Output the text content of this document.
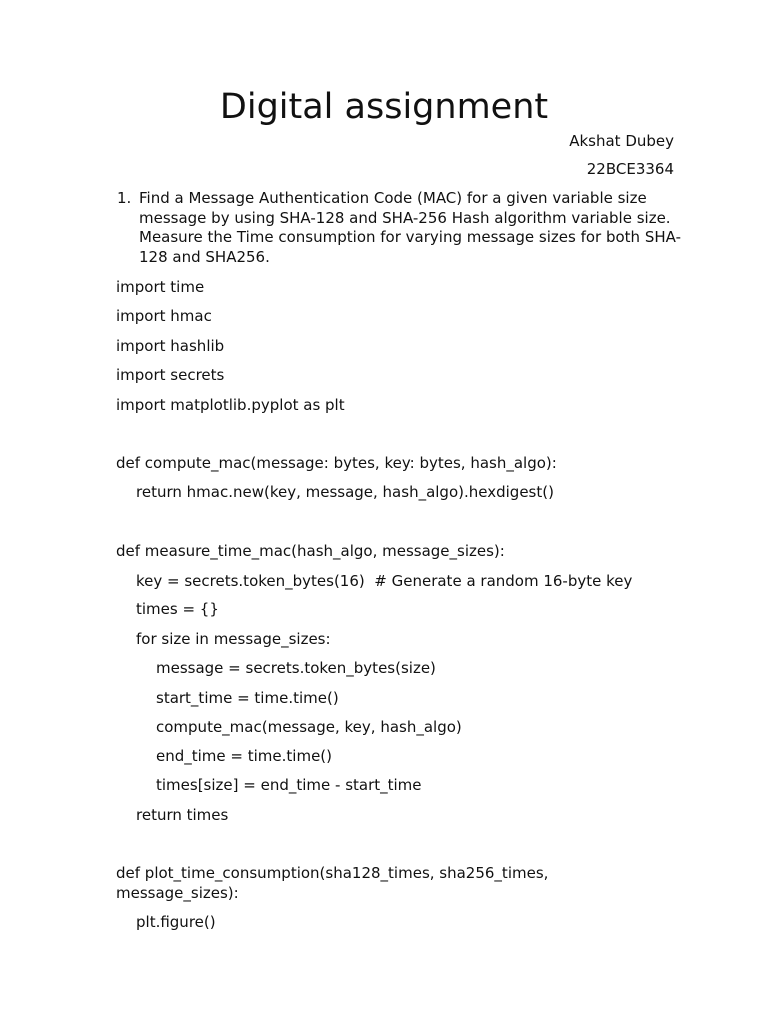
Digital assignment
Akshat Dubey
22BCE3364
1. Find a Message Authentication Code (MAC) for a given variable size message by using SHA-128 and SHA-256 Hash algorithm variable size. Measure the Time consumption for varying message sizes for both SHA-128 and SHA256.
import time
import hmac
import hashlib
import secrets
import matplotlib.pyplot as plt
def compute_mac(message: bytes, key: bytes, hash_algo):
return hmac.new(key, message, hash_algo).hexdigest()
def measure_time_mac(hash_algo, message_sizes):
key = secrets.token_bytes(16)  # Generate a random 16-byte key
times = {}
for size in message_sizes:
message = secrets.token_bytes(size)
start_time = time.time()
compute_mac(message, key, hash_algo)
end_time = time.time()
times[size] = end_time - start_time
return times
def plot_time_consumption(sha128_times, sha256_times, message_sizes):
plt.figure()
